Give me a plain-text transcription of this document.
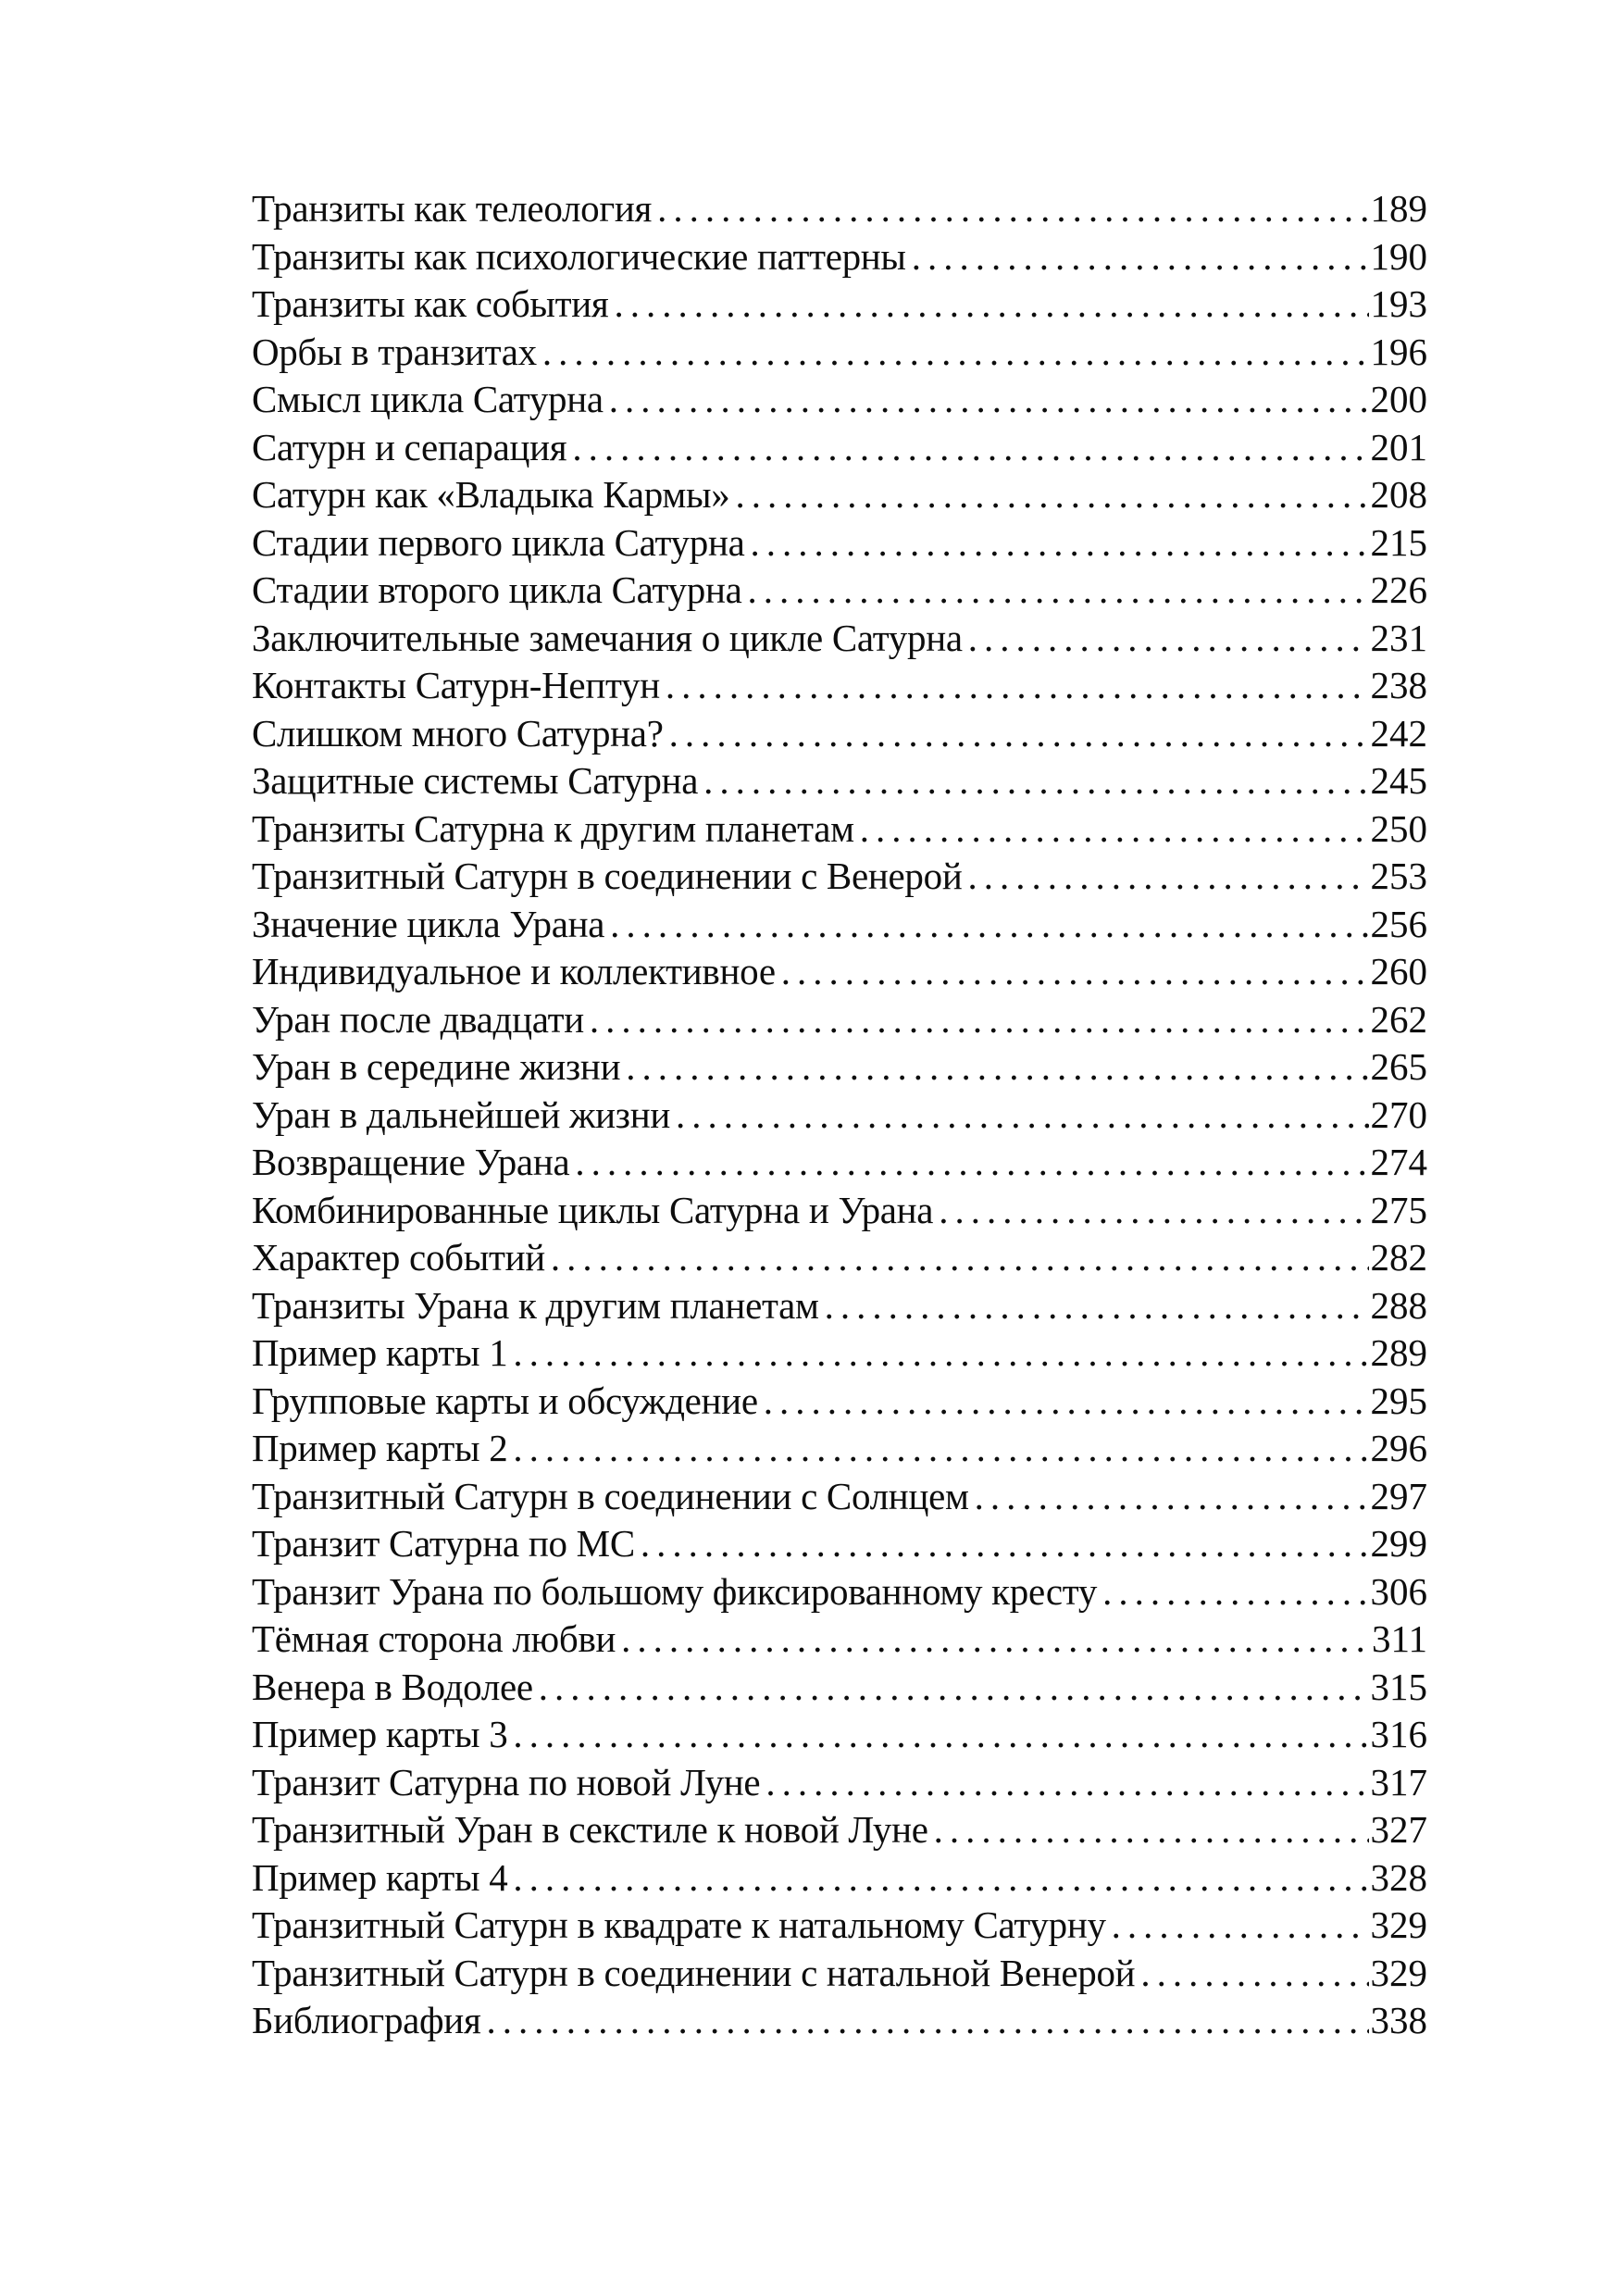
Транзиты как телеология .....	189
Транзиты как психологические паттерны .....	190
Транзиты как события .....	193
Орбы в транзитах .....	196
Смысл цикла Сатурна .....	200
Сатурн и сепарация .....	201
Сатурн как «Владыка Кармы» .....	208
Стадии первого цикла Сатурна .....	215
Стадии второго цикла Сатурна .....	226
Заключительные замечания о цикле Сатурна .....	231
Контакты Сатурн-Нептун .....	238
Слишком много Сатурна? .....	242
Защитные системы Сатурна .....	245
Транзиты Сатурна к другим планетам .....	250
Транзитный Сатурн в соединении с Венерой .....	253
Значение цикла Урана .....	256
Индивидуальное и коллективное .....	260
Уран после двадцати .....	262
Уран в середине жизни .....	265
Уран в дальнейшей жизни .....	270
Возвращение Урана .....	274
Комбинированные циклы Сатурна и Урана .....	275
Характер событий .....	282
Транзиты Урана к другим планетам .....	288
Пример карты 1 .....	289
Групповые карты и обсуждение .....	295
Пример карты 2 .....	296
Транзитный Сатурн в соединении с Солнцем .....	297
Транзит Сатурна по MC .....	299
Транзит Урана по большому фиксированному кресту .....	306
Тёмная сторона любви .....	311
Венера в Водолее .....	315
Пример карты 3 .....	316
Транзит Сатурна по новой Луне .....	317
Транзитный Уран в секстиле к новой Луне .....	327
Пример карты 4 .....	328
Транзитный Сатурн в квадрате к натальному Сатурну .....	329
Транзитный Сатурн в соединении с натальной Венерой .....	329
Библиография .....	338
